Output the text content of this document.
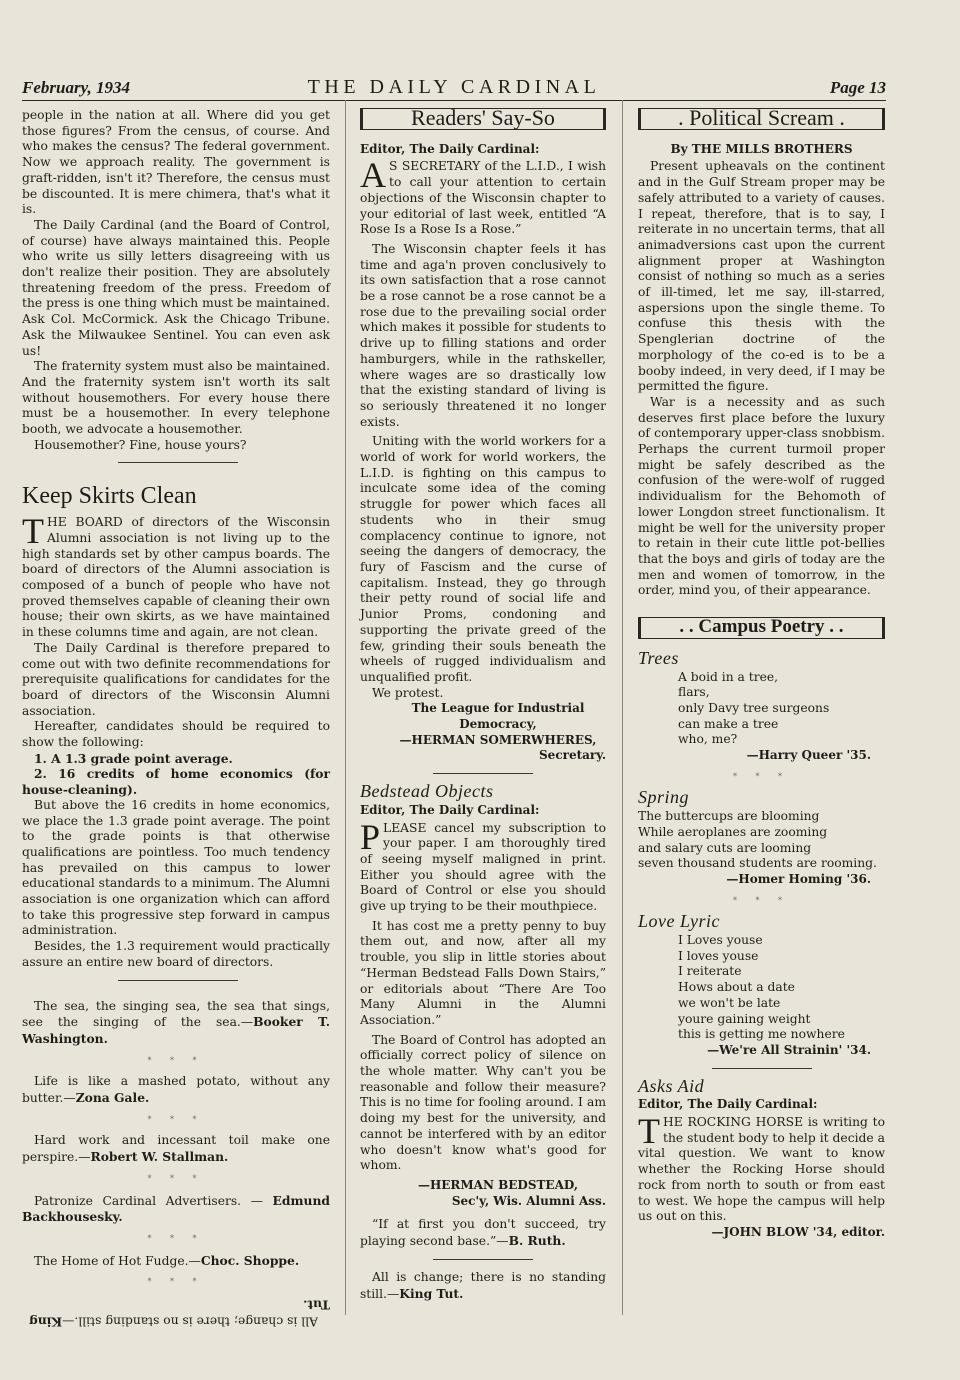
February, 1934	THE DAILY CARDINAL	Page 13

people in the nation at all. Where did you get those figures? From the census, of course. And who makes the census? The federal government. Now we approach reality. The government is graft-ridden, isn't it? Therefore, the census must be discounted. It is mere chimera, that's what it is.

The Daily Cardinal (and the Board of Control, of course) have always maintained this. People who write us silly letters disagreeing with us don't realize their position. They are absolutely threatening freedom of the press. Freedom of the press is one thing which must be maintained. Ask Col. McCormick. Ask the Chicago Tribune. Ask the Milwaukee Sentinel. You can even ask us!

The fraternity system must also be maintained. And the fraternity system isn't worth its salt without housemothers. For every house there must be a housemother. In every telephone booth, we advocate a housemother.

Housemother? Fine, house yours?

Keep Skirts Clean

THE BOARD of directors of the Wisconsin Alumni association is not living up to the high standards set by other campus boards. The board of directors of the Alumni association is composed of a bunch of people who have not proved themselves capable of cleaning their own house; their own skirts, as we have maintained in these columns time and again, are not clean.

The Daily Cardinal is therefore prepared to come out with two definite recommendations for prerequisite qualifications for candidates for the board of directors of the Wisconsin Alumni association.

Hereafter, candidates should be required to show the following:

1. A 1.3 grade point average.

2. 16 credits of home economics (for house-cleaning).

But above the 16 credits in home economics, we place the 1.3 grade point average. The point to the grade points is that otherwise qualifications are pointless. Too much tendency has prevailed on this campus to lower educational standards to a minimum. The Alumni association is one organization which can afford to take this progressive step forward in campus administration.

Besides, the 1.3 requirement would practically assure an entire new board of directors.

The sea, the singing sea, the sea that sings, see the singing of the sea.—Booker T. Washington.

* * *

Life is like a mashed potato, without any butter.—Zona Gale.

* * *

Hard work and incessant toil make one perspire.—Robert W. Stallman.

* * *

Patronize Cardinal Advertisers. — Edmund Backhousesky.

* * *

The Home of Hot Fudge.—Choc. Shoppe.

* * *

All is change; there is no standing still.—King Tut.

Readers' Say-So
Editor, The Daily Cardinal:

A S SECRETARY of the L.I.D., I wish to call your attention to certain objections of the Wisconsin chapter to your editorial of last week, entitled “A Rose Is a Rose Is a Rose.”

The Wisconsin chapter feels it has time and aga'n proven conclusively to its own satisfaction that a rose cannot be a rose cannot be a rose cannot be a rose due to the prevailing social order which makes it possible for students to drive up to filling stations and order hamburgers, while in the rathskeller, where wages are so drastically low that the existing standard of living is so seriously threatened it no longer exists.

Uniting with the world workers for a world of work for world workers, the L.I.D. is fighting on this campus to inculcate some idea of the coming struggle for power which faces all students who in their smug complacency continue to ignore, not seeing the dangers of democracy, the fury of Fascism and the curse of capitalism. Instead, they go through their petty round of social life and Junior Proms, condoning and supporting the private greed of the few, grinding their souls beneath the wheels of rugged individualism and unqualified profit.

We protest.

The League for Industrial
Democracy,
—HERMAN SOMERWHERES,
Secretary.
Bedstead Objects
Editor, The Daily Cardinal:

PLEASE cancel my subscription to your paper. I am thoroughly tired of seeing myself maligned in print. Either you should agree with the Board of Control or else you should give up trying to be their mouthpiece.

It has cost me a pretty penny to buy them out, and now, after all my trouble, you slip in little stories about “Herman Bedstead Falls Down Stairs,” or editorials about “There Are Too Many Alumni in the Alumni Association.”

The Board of Control has adopted an officially correct policy of silence on the whole matter. Why can't you be reasonable and follow their measure? This is no time for fooling around. I am doing my best for the university, and cannot be interfered with by an editor who doesn't know what's good for whom.

—HERMAN BEDSTEAD,
Sec'y, Wis. Alumni Ass.

“If at first you don't succeed, try playing second base.”—B. Ruth.

All is change; there is no standing still.—King Tut.

. Political Scream .
By THE MILLS BROTHERS

Present upheavals on the continent and in the Gulf Stream proper may be safely attributed to a variety of causes. I repeat, therefore, that is to say, I reiterate in no uncertain terms, that all animadversions cast upon the current alignment proper at Washington consist of nothing so much as a series of ill-timed, let me say, ill-starred, aspersions upon the single theme. To confuse this thesis with the Spenglerian doctrine of the morphology of the co-ed is to be a booby indeed, in very deed, if I may be permitted the figure.

War is a necessity and as such deserves first place before the luxury of contemporary upper-class snobbism. Perhaps the current turmoil proper might be safely described as the confusion of the were-wolf of rugged individualism for the Behomoth of lower Longdon street functionalism. It might be well for the university proper to retain in their cute little pot-bellies that the boys and girls of today are the men and women of tomorrow, in the order, mind you, of their appearance.

. . Campus Poetry . .
Trees
A boid in a tree,
flars,
only Davy tree surgeons
can make a tree
who, me?
—Harry Queer '35.
* * *
Spring
The buttercups are blooming
While aeroplanes are zooming
and salary cuts are looming
seven thousand students are rooming.
—Homer Homing '36.
* * *
Love Lyric
I Loves youse
I loves youse
I reiterate
Hows about a date
we won't be late
youre gaining weight
this is getting me nowhere
—We're All Strainin' '34.
Asks Aid
Editor, The Daily Cardinal:

THE ROCKING HORSE is writing to the student body to help it decide a vital question. We want to know whether the Rocking Horse should rock from north to south or from east to west. We hope the campus will help us out on this.

—JOHN BLOW '34, editor.
